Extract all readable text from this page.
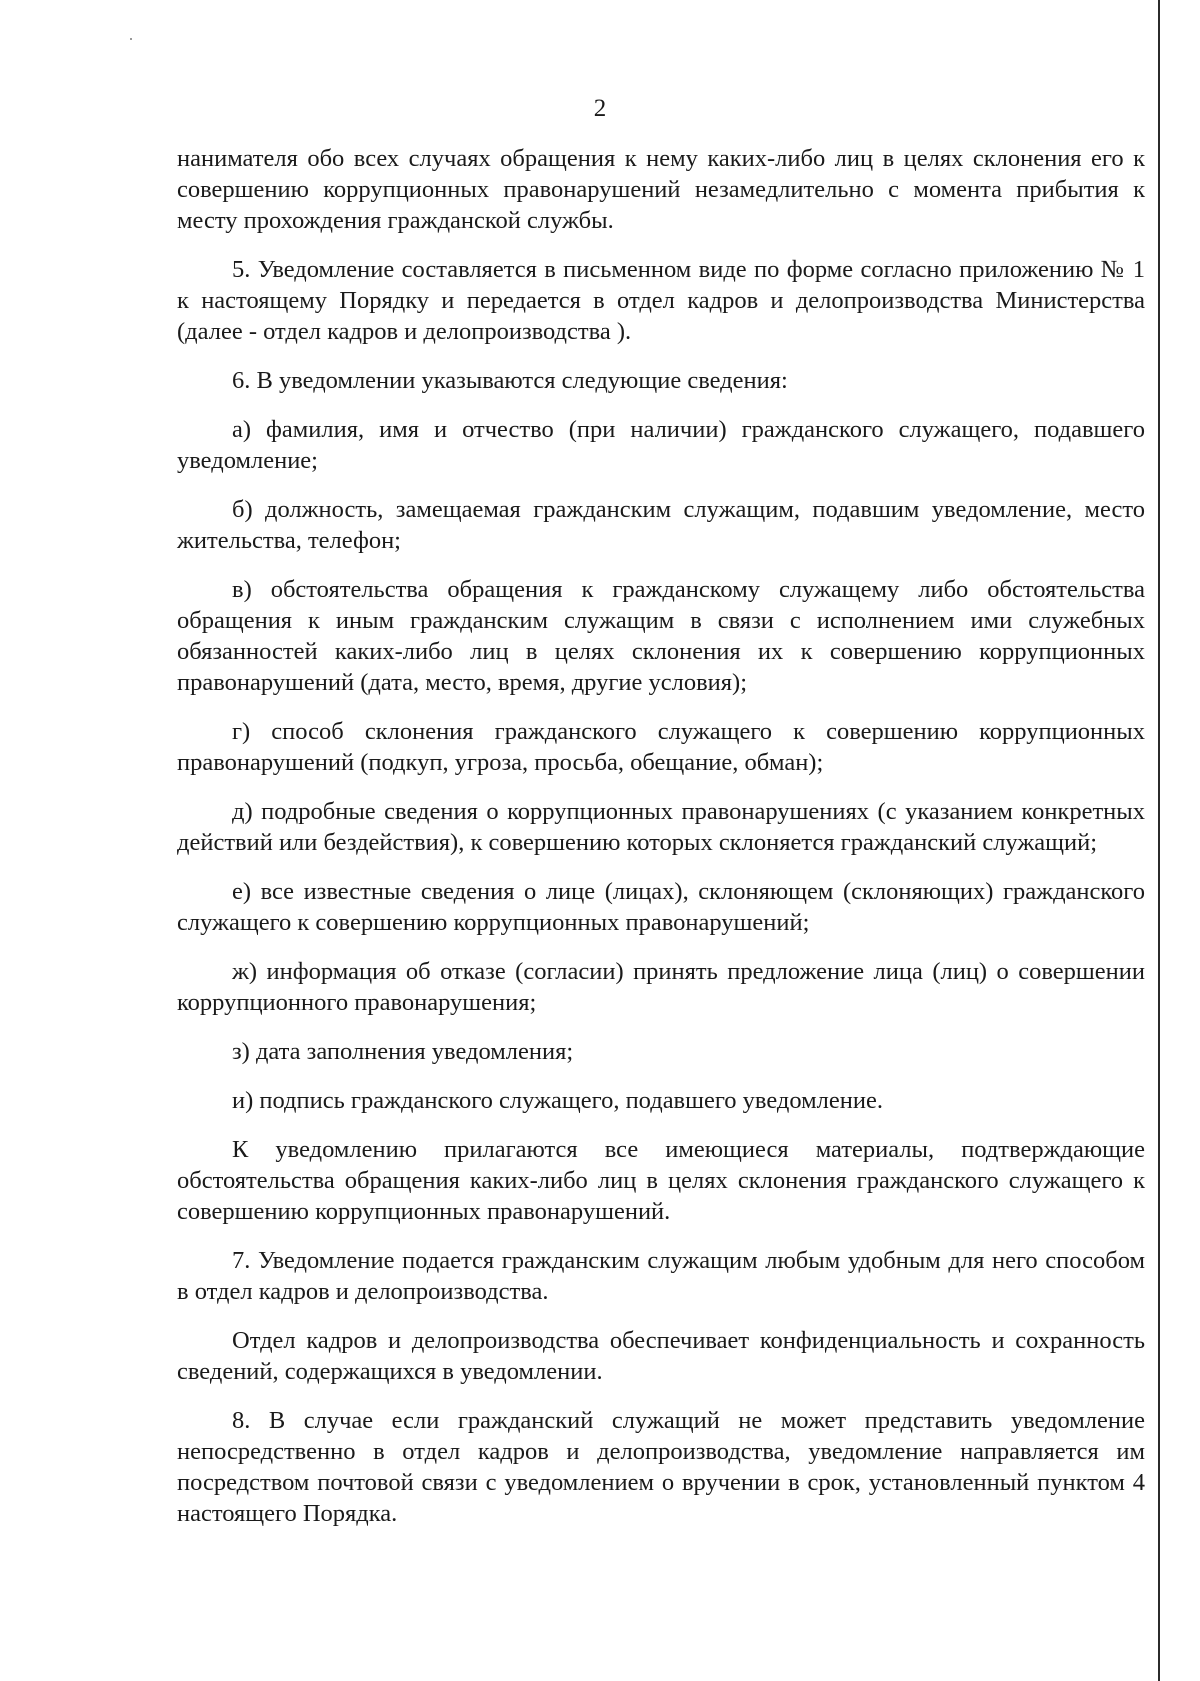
2

нанимателя обо всех случаях обращения к нему каких-либо лиц в целях склонения его к совершению коррупционных правонарушений незамедлительно с момента прибытия к месту прохождения гражданской службы.

5. Уведомление составляется в письменном виде по форме согласно приложению № 1 к настоящему Порядку и передается в отдел кадров и делопроизводства Министерства (далее - отдел кадров и делопроизводства ).

6. В уведомлении указываются следующие сведения:

а) фамилия, имя и отчество (при наличии) гражданского служащего, подавшего уведомление;

б) должность, замещаемая гражданским служащим, подавшим уведомление, место жительства, телефон;

в) обстоятельства обращения к гражданскому служащему либо обстоятельства обращения к иным гражданским служащим в связи с исполнением ими служебных обязанностей каких-либо лиц в целях склонения их к совершению коррупционных правонарушений (дата, место, время, другие условия);

г) способ склонения гражданского служащего к совершению коррупционных правонарушений (подкуп, угроза, просьба, обещание, обман);

д) подробные сведения о коррупционных правонарушениях (с указанием конкретных действий или бездействия), к совершению которых склоняется гражданский служащий;

е) все известные сведения о лице (лицах), склоняющем (склоняющих) гражданского служащего к совершению коррупционных правонарушений;

ж) информация об отказе (согласии) принять предложение лица (лиц) о совершении коррупционного правонарушения;

з) дата заполнения уведомления;

и) подпись гражданского служащего, подавшего уведомление.

К уведомлению прилагаются все имеющиеся материалы, подтверждающие обстоятельства обращения каких-либо лиц в целях склонения гражданского служащего к совершению коррупционных правонарушений.

7. Уведомление подается гражданским служащим любым удобным для него способом в отдел кадров и делопроизводства.

Отдел кадров и делопроизводства обеспечивает конфиденциальность и сохранность сведений, содержащихся в уведомлении.

8. В случае если гражданский служащий не может представить уведомление непосредственно в отдел кадров и делопроизводства, уведомление направляется им посредством почтовой связи с уведомлением о вручении в срок, установленный пунктом 4 настоящего Порядка.
